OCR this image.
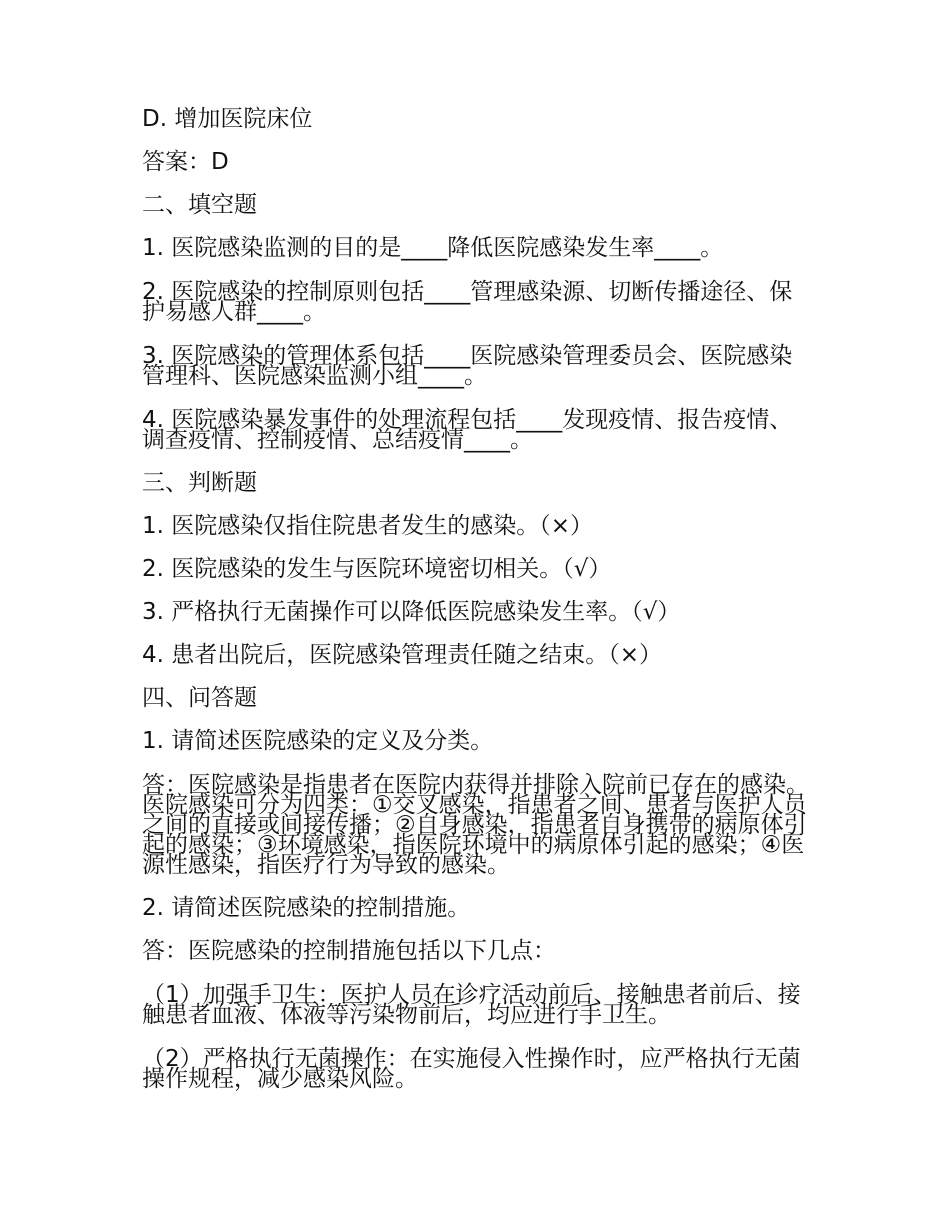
D. 增加医院床位

答案：D

二、填空题

1. 医院感染监测的目的是____降低医院感染发生率____。

2. 医院感染的控制原则包括____管理感染源、切断传播途径、保护易感人群____。

3. 医院感染的管理体系包括____医院感染管理委员会、医院感染管理科、医院感染监测小组____。

4. 医院感染暴发事件的处理流程包括____发现疫情、报告疫情、调查疫情、控制疫情、总结疫情____。

三、判断题

1. 医院感染仅指住院患者发生的感染。（×）

2. 医院感染的发生与医院环境密切相关。（√）

3. 严格执行无菌操作可以降低医院感染发生率。（√）

4. 患者出院后，医院感染管理责任随之结束。（×）

四、问答题

1. 请简述医院感染的定义及分类。

答：医院感染是指患者在医院内获得并排除入院前已存在的感染。医院感染可分为四类：①交叉感染，指患者之间、患者与医护人员之间的直接或间接传播；②自身感染，指患者自身携带的病原体引起的感染；③环境感染，指医院环境中的病原体引起的感染；④医源性感染，指医疗行为导致的感染。

2. 请简述医院感染的控制措施。

答：医院感染的控制措施包括以下几点：

（1）加强手卫生：医护人员在诊疗活动前后、接触患者前后、接触患者血液、体液等污染物前后，均应进行手卫生。

（2）严格执行无菌操作：在实施侵入性操作时，应严格执行无菌操作规程，减少感染风险。
